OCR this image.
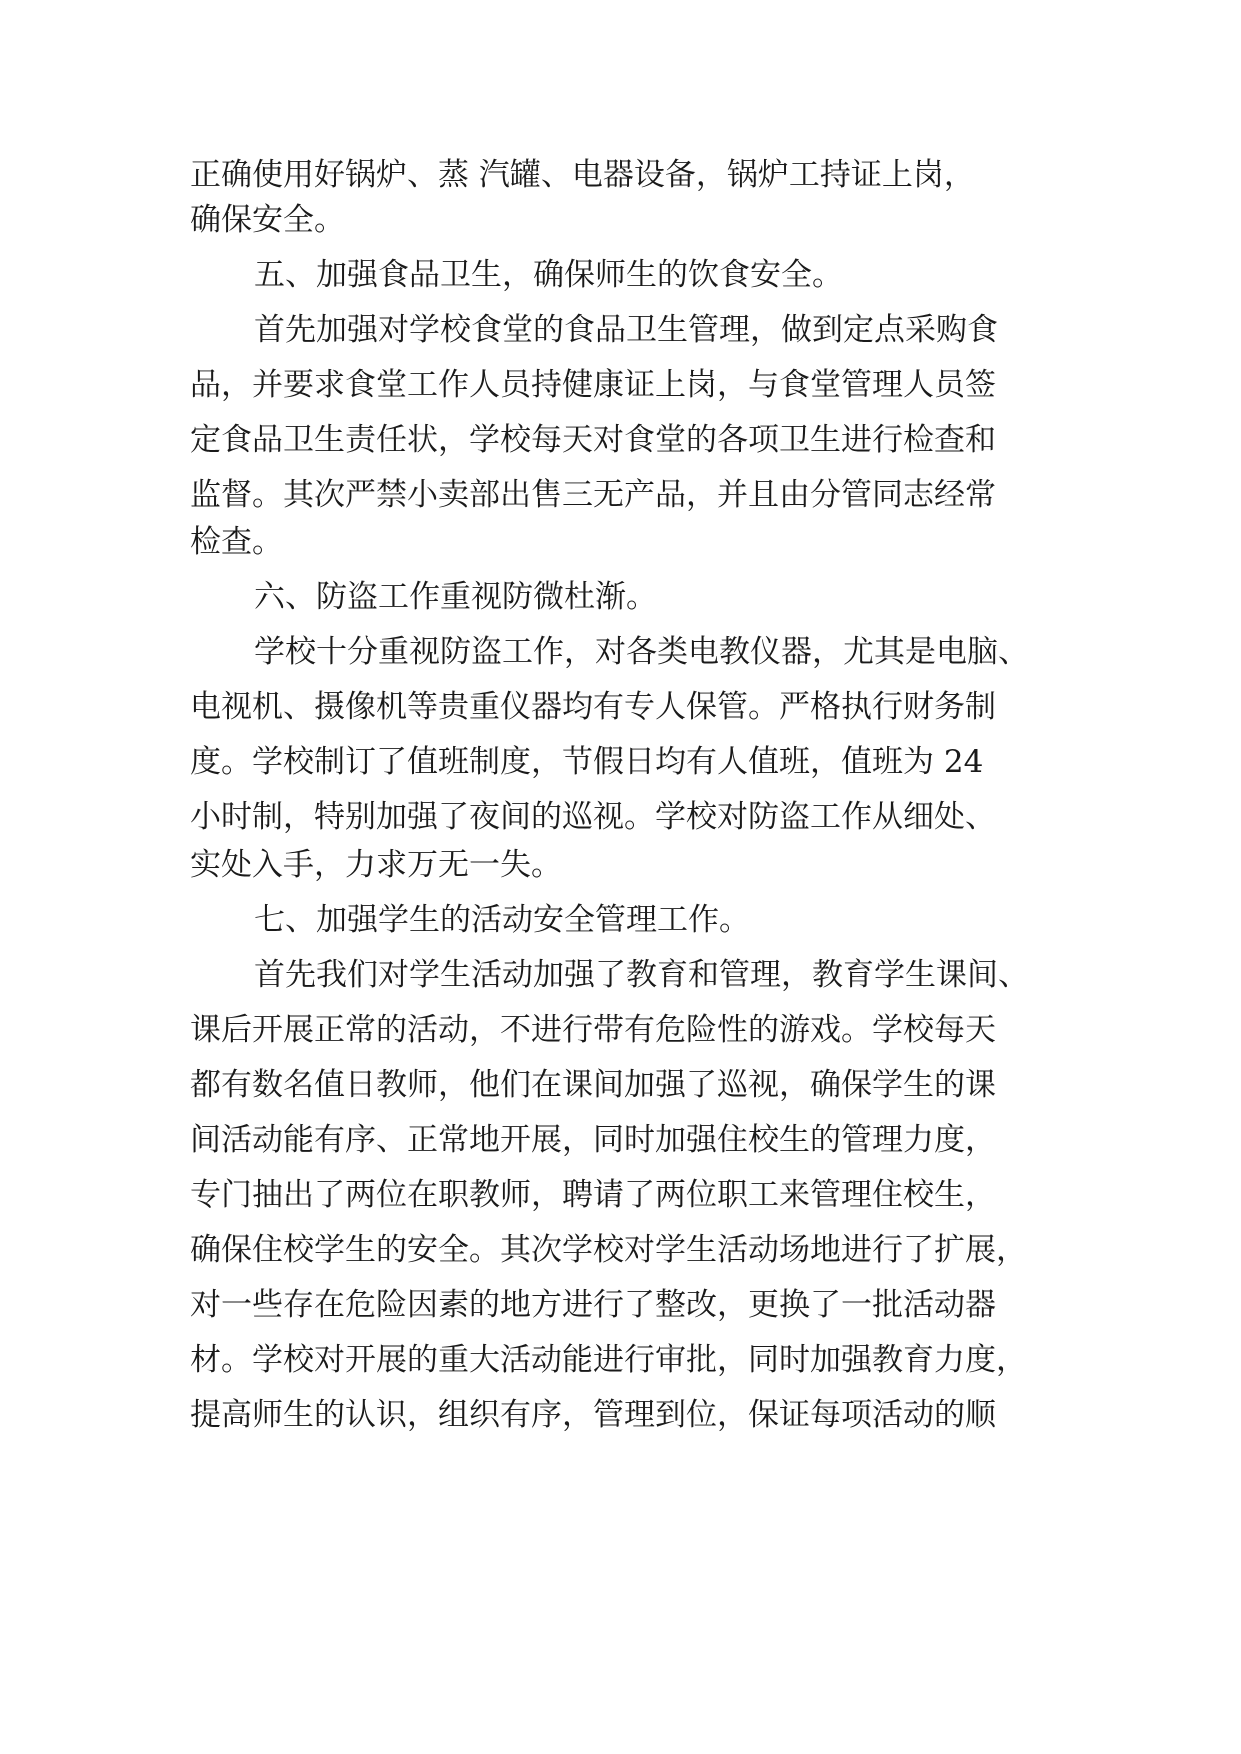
正确使用好锅炉、蒸 汽罐、电器设备，锅炉工持证上岗，
确保安全。
五、加强食品卫生，确保师生的饮食安全。
首先加强对学校食堂的食品卫生管理，做到定点采购食
品，并要求食堂工作人员持健康证上岗，与食堂管理人员签
定食品卫生责任状，学校每天对食堂的各项卫生进行检查和
监督。其次严禁小卖部出售三无产品，并且由分管同志经常
检查。
六、防盗工作重视防微杜渐。
学校十分重视防盗工作，对各类电教仪器，尤其是电脑、
电视机、摄像机等贵重仪器均有专人保管。严格执行财务制
度。学校制订了值班制度，节假日均有人值班，值班为 24
小时制，特别加强了夜间的巡视。学校对防盗工作从细处、
实处入手，力求万无一失。
七、加强学生的活动安全管理工作。
首先我们对学生活动加强了教育和管理，教育学生课间、
课后开展正常的活动，不进行带有危险性的游戏。学校每天
都有数名值日教师，他们在课间加强了巡视，确保学生的课
间活动能有序、正常地开展，同时加强住校生的管理力度，
专门抽出了两位在职教师，聘请了两位职工来管理住校生，
确保住校学生的安全。其次学校对学生活动场地进行了扩展，
对一些存在危险因素的地方进行了整改，更换了一批活动器
材。学校对开展的重大活动能进行审批，同时加强教育力度，
提高师生的认识，组织有序，管理到位，保证每项活动的顺
